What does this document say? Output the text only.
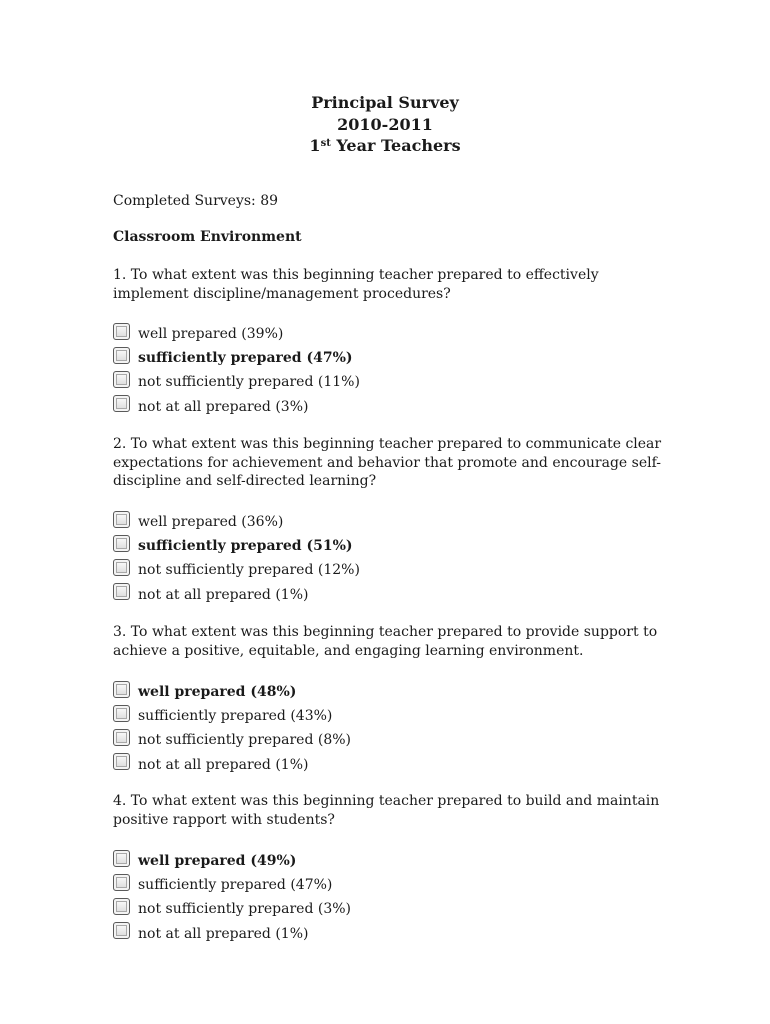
Principal Survey
2010-2011
1st Year Teachers
Completed Surveys: 89
Classroom Environment
1. To what extent was this beginning teacher prepared to effectively implement discipline/management procedures?
well prepared (39%)
sufficiently prepared (47%)
not sufficiently prepared (11%)
not at all prepared (3%)
2. To what extent was this beginning teacher prepared to communicate clear expectations for achievement and behavior that promote and encourage self-discipline and self-directed learning?
well prepared (36%)
sufficiently prepared (51%)
not sufficiently prepared (12%)
not at all prepared (1%)
3. To what extent was this beginning teacher prepared to provide support to achieve a positive, equitable, and engaging learning environment.
well prepared (48%)
sufficiently prepared (43%)
not sufficiently prepared (8%)
not at all prepared (1%)
4. To what extent was this beginning teacher prepared to build and maintain positive rapport with students?
well prepared (49%)
sufficiently prepared (47%)
not sufficiently prepared (3%)
not at all prepared (1%)
